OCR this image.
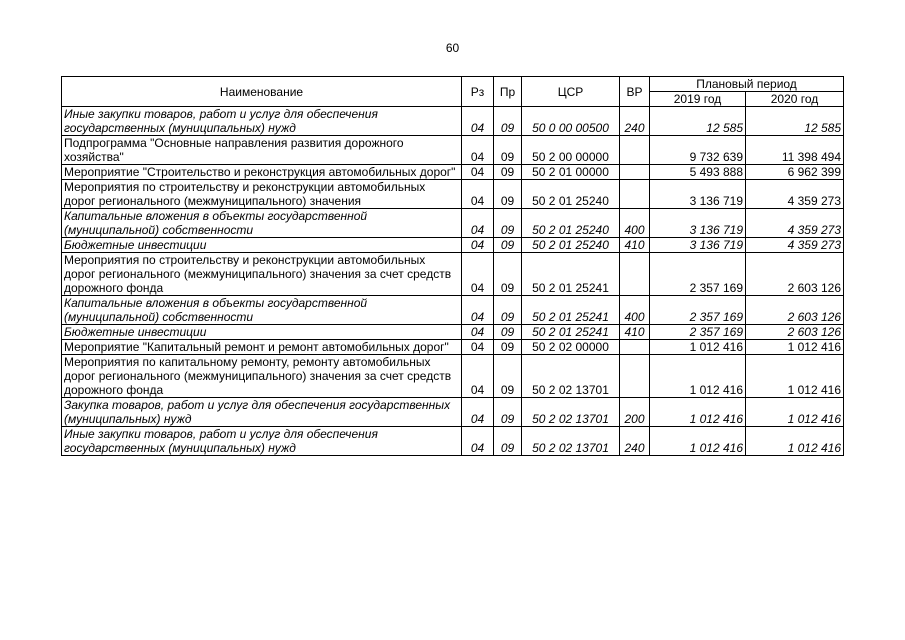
60
Наименование	Рз	Пр	ЦСР	ВР	Плановый период	
					2019 год	2020 год
Иные закупки товаров, работ и услуг для обеспечения государственных (муниципальных) нужд	04	09	50 0 00 00500	240	12 585	12 585
Подпрограмма "Основные направления развития дорожного хозяйства"	04	09	50 2 00 00000		9 732 639	11 398 494
Мероприятие "Строительство и реконструкция автомобильных дорог"	04	09	50 2 01 00000		5 493 888	6 962 399
Мероприятия по строительству и реконструкции автомобильных дорог регионального (межмуниципального) значения	04	09	50 2 01 25240		3 136 719	4 359 273
Капитальные вложения в объекты государственной (муниципальной) собственности	04	09	50 2 01 25240	400	3 136 719	4 359 273
Бюджетные инвестиции	04	09	50 2 01 25240	410	3 136 719	4 359 273
Мероприятия по строительству и реконструкции автомобильных дорог регионального (межмуниципального) значения за счет средств дорожного фонда	04	09	50 2 01 25241		2 357 169	2 603 126
Капитальные вложения в объекты государственной (муниципальной) собственности	04	09	50 2 01 25241	400	2 357 169	2 603 126
Бюджетные инвестиции	04	09	50 2 01 25241	410	2 357 169	2 603 126
Мероприятие "Капитальный ремонт и ремонт автомобильных дорог"	04	09	50 2 02 00000		1 012 416	1 012 416
Мероприятия по капитальному ремонту, ремонту автомобильных дорог регионального (межмуниципального) значения за счет средств дорожного фонда	04	09	50 2 02 13701		1 012 416	1 012 416
Закупка товаров, работ и услуг для обеспечения государственных (муниципальных) нужд	04	09	50 2 02 13701	200	1 012 416	1 012 416
Иные закупки товаров, работ и услуг для обеспечения государственных (муниципальных) нужд	04	09	50 2 02 13701	240	1 012 416	1 012 416
